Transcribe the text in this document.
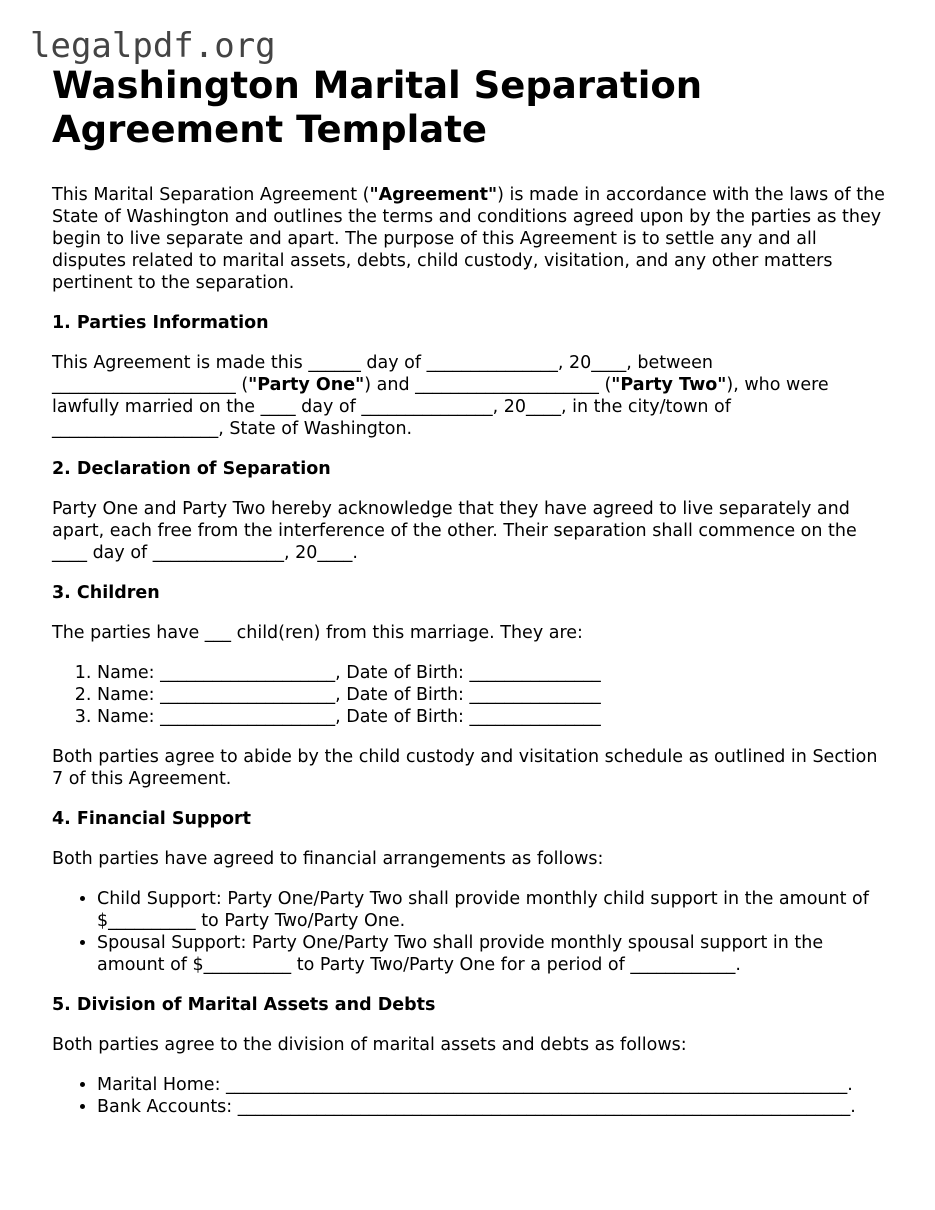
legalpdf.org
Washington Marital Separation
Agreement Template

This Marital Separation Agreement ("Agreement") is made in accordance with the laws of the State of Washington and outlines the terms and conditions agreed upon by the parties as they begin to live separate and apart. The purpose of this Agreement is to settle any and all disputes related to marital assets, debts, child custody, visitation, and any other matters pertinent to the separation.

1. Parties Information

This Agreement is made this ______ day of _______________, 20____, between _____________________ ("Party One") and _____________________ ("Party Two"), who were lawfully married on the ____ day of _______________, 20____, in the city/town of ___________________, State of Washington.

2. Declaration of Separation

Party One and Party Two hereby acknowledge that they have agreed to live separately and apart, each free from the interference of the other. Their separation shall commence on the ____ day of _______________, 20____.

3. Children

The parties have ___ child(ren) from this marriage. They are:

1. Name: ____________________, Date of Birth: _______________
2. Name: ____________________, Date of Birth: _______________
3. Name: ____________________, Date of Birth: _______________

Both parties agree to abide by the child custody and visitation schedule as outlined in Section 7 of this Agreement.

4. Financial Support

Both parties have agreed to financial arrangements as follows:

• Child Support: Party One/Party Two shall provide monthly child support in the amount of $__________ to Party Two/Party One.
• Spousal Support: Party One/Party Two shall provide monthly spousal support in the amount of $__________ to Party Two/Party One for a period of ____________.
5. Division of Marital Assets and Debts

Both parties agree to the division of marital assets and debts as follows:

• Marital Home: _______________________________________________________________________.
• Bank Accounts: ______________________________________________________________________.
